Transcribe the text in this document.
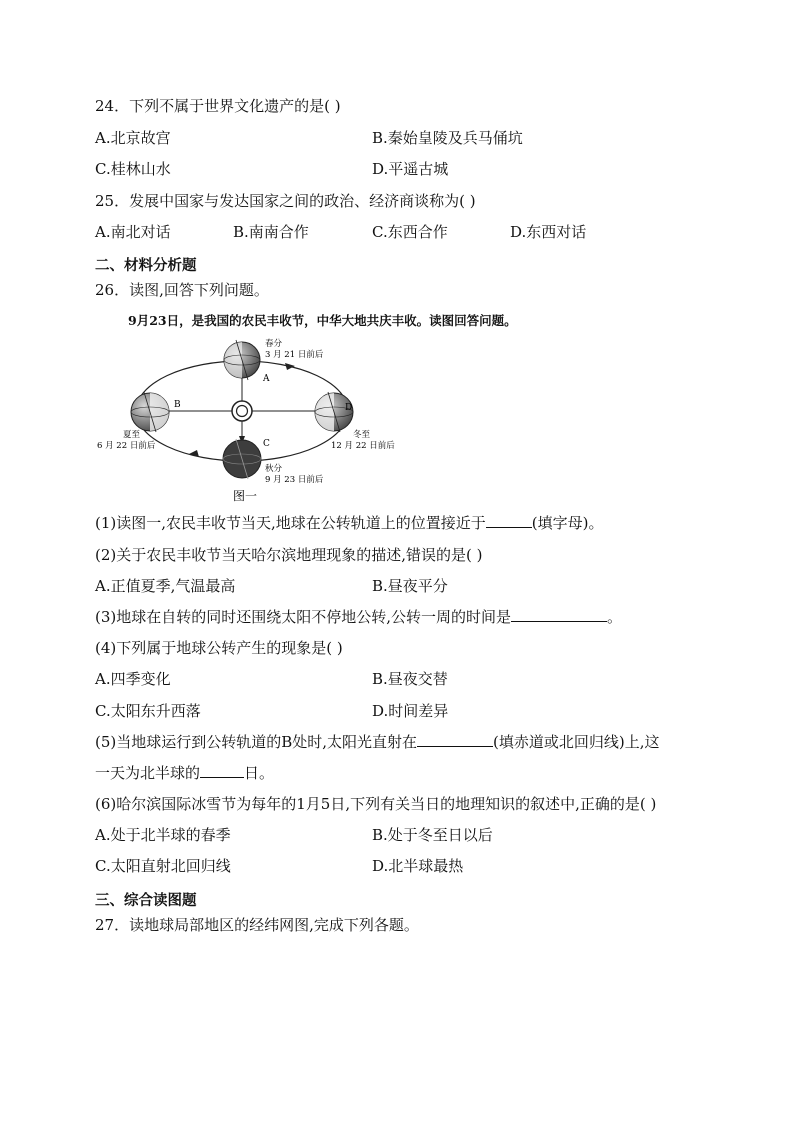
24．下列不属于世界文化遗产的是( )
A.北京故宫	B.秦始皇陵及兵马俑坑
C.桂林山水	D.平遥古城
25．发展中国家与发达国家之间的政治、经济商谈称为( )
A.南北对话	B.南南合作	C.东西合作	D.东西对话
二、材料分析题
26．读图,回答下列问题。
9月23日，是我国的农民丰收节，中华大地共庆丰收。读图回答问题。
春分
3 月 21 日前后
A
B	D
夏至
6 月 22 日前后
冬至
12 月 22 日前后
C
秋分
9 月 23 日前后
图一
(1)读图一,农民丰收节当天,地球在公转轨道上的位置接近于	(填字母)。
(2)关于农民丰收节当天哈尔滨地理现象的描述,错误的是( )
A.正值夏季,气温最高	B.昼夜平分
(3)地球在自转的同时还围绕太阳不停地公转,公转一周的时间是	。
(4)下列属于地球公转产生的现象是( )
A.四季变化	B.昼夜交替
C.太阳东升西落	D.时间差异
(5)当地球运行到公转轨道的B处时,太阳光直射在	(填赤道或北回归线)上,这
一天为北半球的	日。
(6)哈尔滨国际冰雪节为每年的1月5日,下列有关当日的地理知识的叙述中,正确的是( )
A.处于北半球的春季	B.处于冬至日以后
C.太阳直射北回归线	D.北半球最热
三、综合读图题
27．读地球局部地区的经纬网图,完成下列各题。
